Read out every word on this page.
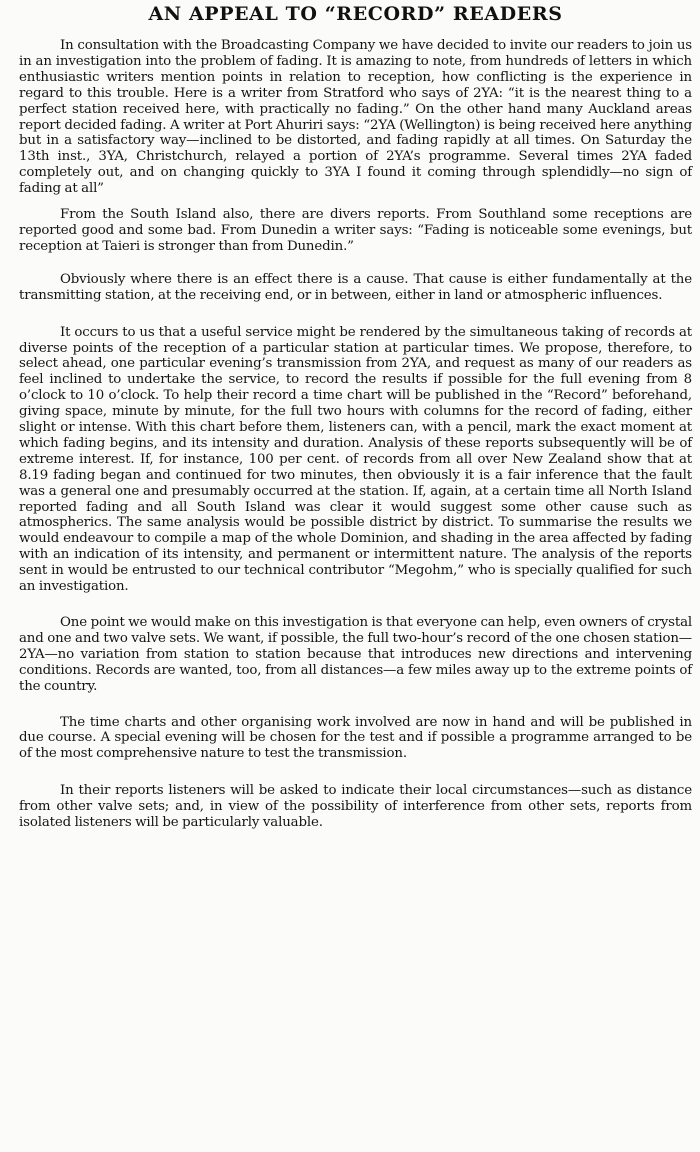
AN APPEAL TO “RECORD” READERS

In consultation with the Broadcasting Company we have decided to invite our readers to join us in an investigation into the problem of fading. It is amazing to note, from hundreds of letters in which enthusiastic writers mention points in relation to reception, how conflicting is the experience in regard to this trouble. Here is a writer from Stratford who says of 2YA: “it is the nearest thing to a perfect station received here, with practically no fading.” On the other hand many Auckland areas report decided fading. A writer at Port Ahuriri says: “2YA (Wellington) is being received here anything but in a satisfactory way—inclined to be distorted, and fading rapidly at all times. On Saturday the 13th inst., 3YA, Christchurch, relayed a portion of 2YA’s programme. Several times 2YA faded completely out, and on changing quickly to 3YA I found it coming through splendidly—no sign of fading at all”

From the South Island also, there are divers reports. From Southland some receptions are reported good and some bad. From Dunedin a writer says: “Fading is noticeable some evenings, but reception at Taieri is stronger than from Dunedin.”

Obviously where there is an effect there is a cause. That cause is either fundamentally at the transmitting station, at the receiving end, or in between, either in land or atmospheric influences.

It occurs to us that a useful service might be rendered by the simultaneous taking of records at diverse points of the reception of a particular station at particular times. We propose, therefore, to select ahead, one particular evening’s transmission from 2YA, and request as many of our readers as feel inclined to undertake the service, to record the results if possible for the full evening from 8 o’clock to 10 o’clock. To help their record a time chart will be published in the “Record” beforehand, giving space, minute by minute, for the full two hours with columns for the record of fading, either slight or intense. With this chart before them, listeners can, with a pencil, mark the exact moment at which fading begins, and its intensity and duration. Analysis of these reports subsequently will be of extreme interest. If, for instance, 100 per cent. of records from all over New Zealand show that at 8.19 fading began and continued for two minutes, then obviously it is a fair inference that the fault was a general one and presumably occurred at the station. If, again, at a certain time all North Island reported fading and all South Island was clear it would suggest some other cause such as atmospherics. The same analysis would be possible district by district. To summarise the results we would endeavour to compile a map of the whole Dominion, and shading in the area affected by fading with an indication of its intensity, and permanent or intermittent nature. The analysis of the reports sent in would be entrusted to our technical contributor “Megohm,” who is specially qualified for such an investigation.

One point we would make on this investigation is that everyone can help, even owners of crystal and one and two valve sets. We want, if possible, the full two-hour’s record of the one chosen station—2YA—no variation from station to station because that introduces new directions and intervening conditions. Records are wanted, too, from all distances—a few miles away up to the extreme points of the country.

The time charts and other organising work involved are now in hand and will be published in due course. A special evening will be chosen for the test and if possible a programme arranged to be of the most comprehensive nature to test the transmission.

In their reports listeners will be asked to indicate their local circumstances—such as distance from other valve sets; and, in view of the possibility of interference from other sets, reports from isolated listeners will be particularly valuable.
